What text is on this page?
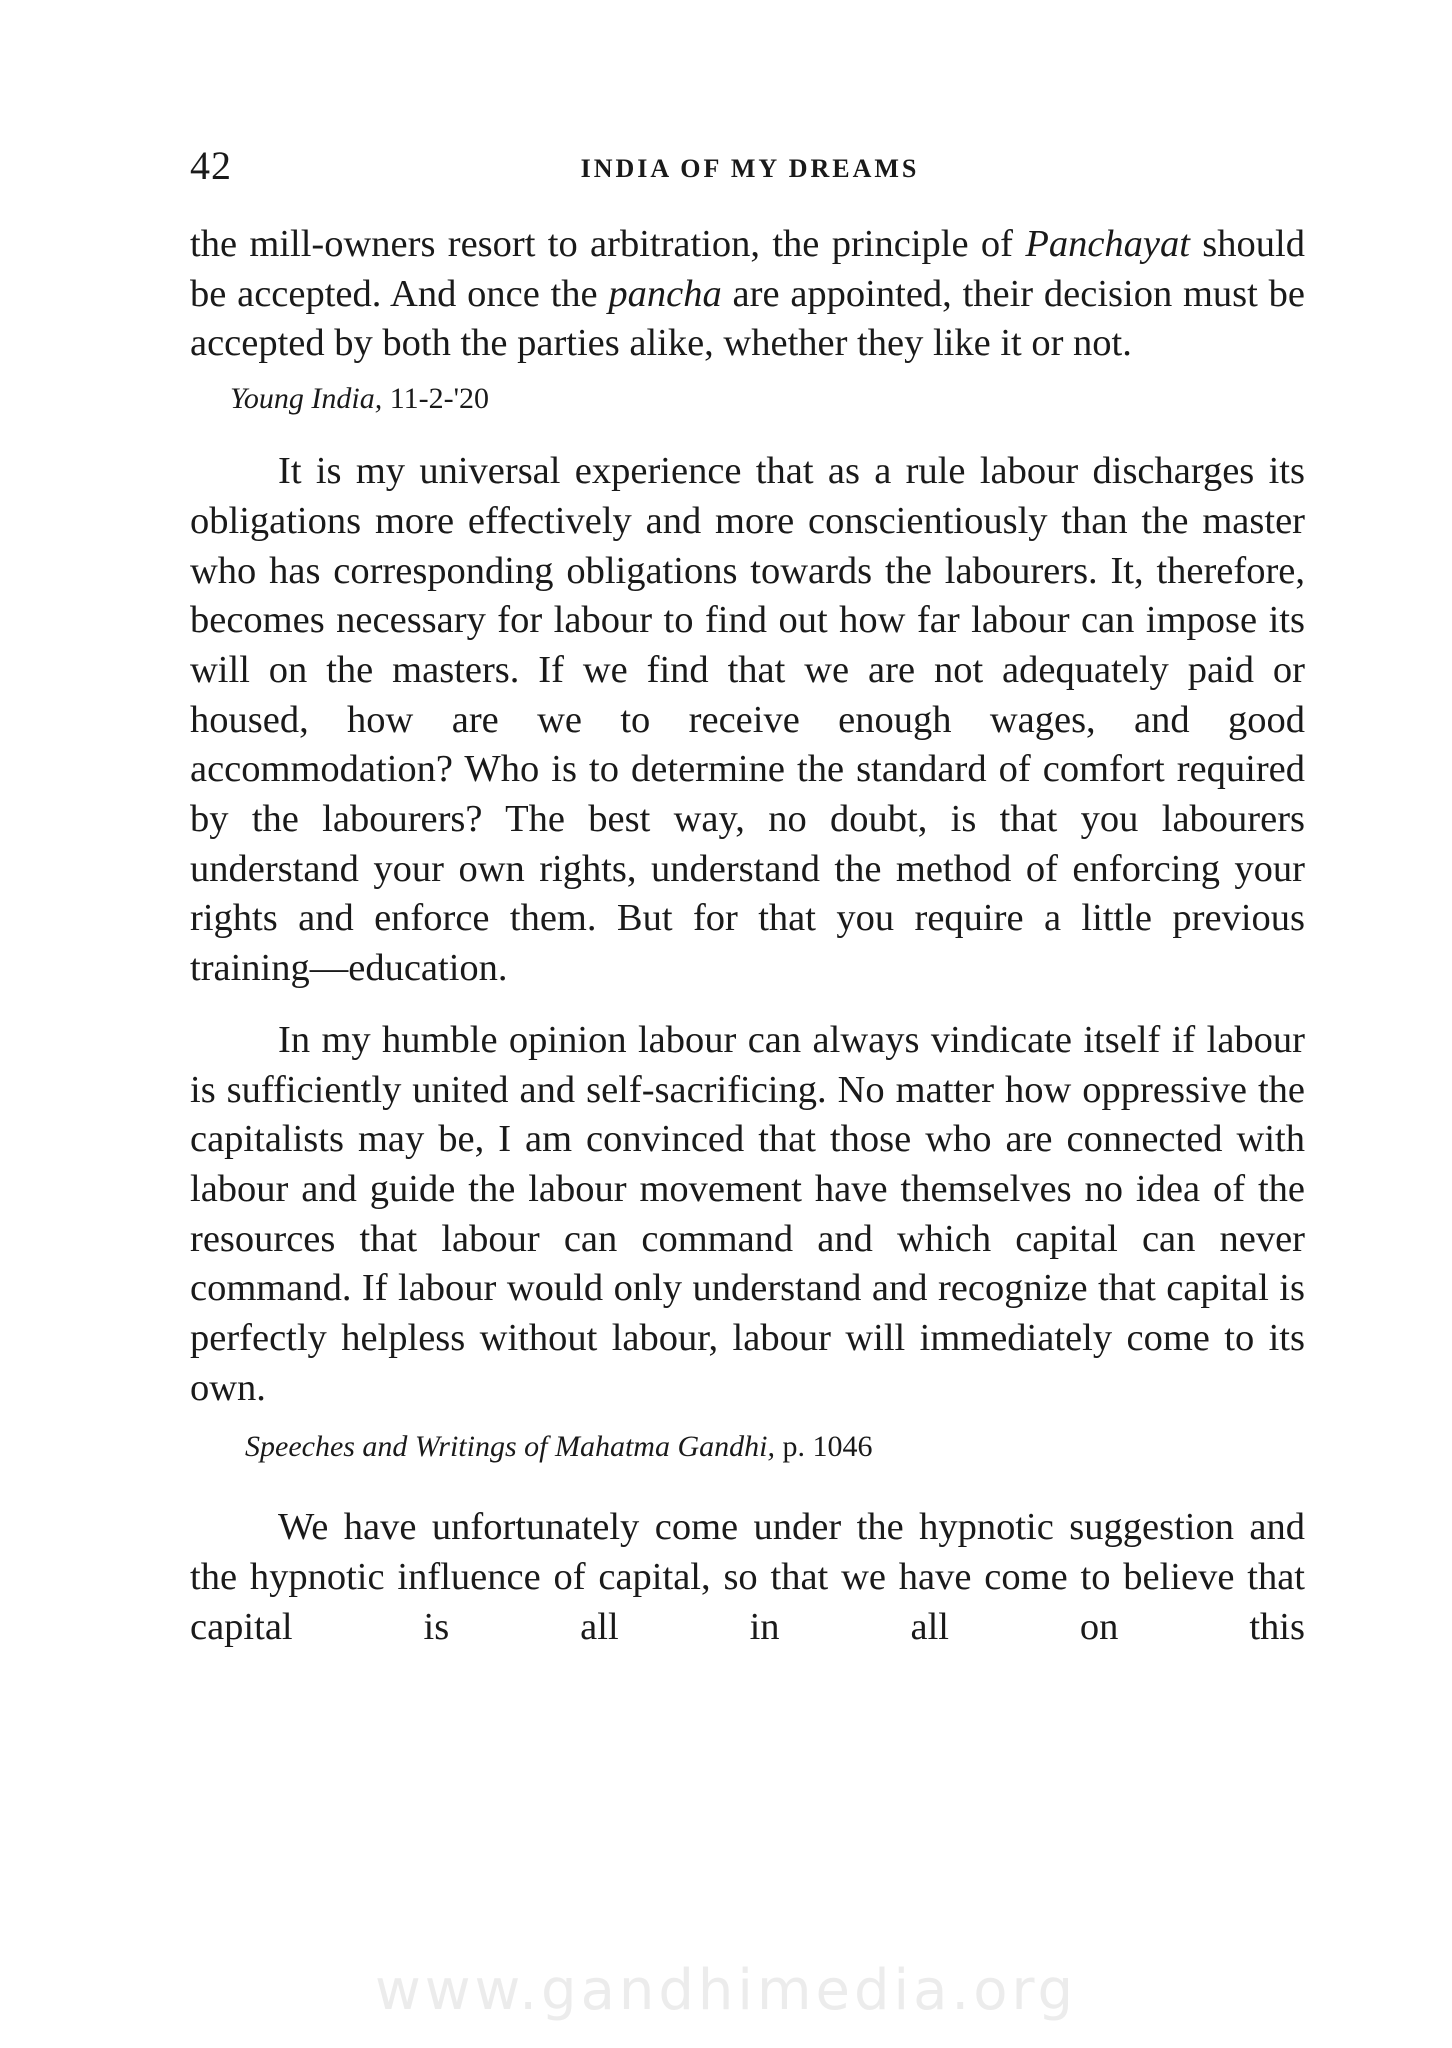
42	INDIA OF MY DREAMS

the mill-owners resort to arbitration, the principle of Panchayat should be accepted. And once the pancha are appointed, their decision must be accepted by both the parties alike, whether they like it or not.

Young India, 11-2-'20

It is my universal experience that as a rule labour discharges its obligations more effectively and more conscientiously than the master who has corresponding obligations towards the labourers. It, therefore, becomes necessary for labour to find out how far labour can impose its will on the masters. If we find that we are not adequately paid or housed, how are we to receive enough wages, and good accommodation? Who is to determine the standard of comfort required by the labourers? The best way, no doubt, is that you labourers understand your own rights, understand the method of enforcing your rights and enforce them. But for that you require a little previous training—education.

In my humble opinion labour can always vindicate itself if labour is sufficiently united and self-sacrificing. No matter how oppressive the capitalists may be, I am convinced that those who are connected with labour and guide the labour movement have themselves no idea of the resources that labour can command and which capital can never command. If labour would only understand and recognize that capital is perfectly helpless without labour, labour will immediately come to its own.

Speeches and Writings of Mahatma Gandhi, p. 1046

We have unfortunately come under the hypnotic suggestion and the hypnotic influence of capital, so that we have come to believe that capital is all in all on this

www.gandhimedia.org
